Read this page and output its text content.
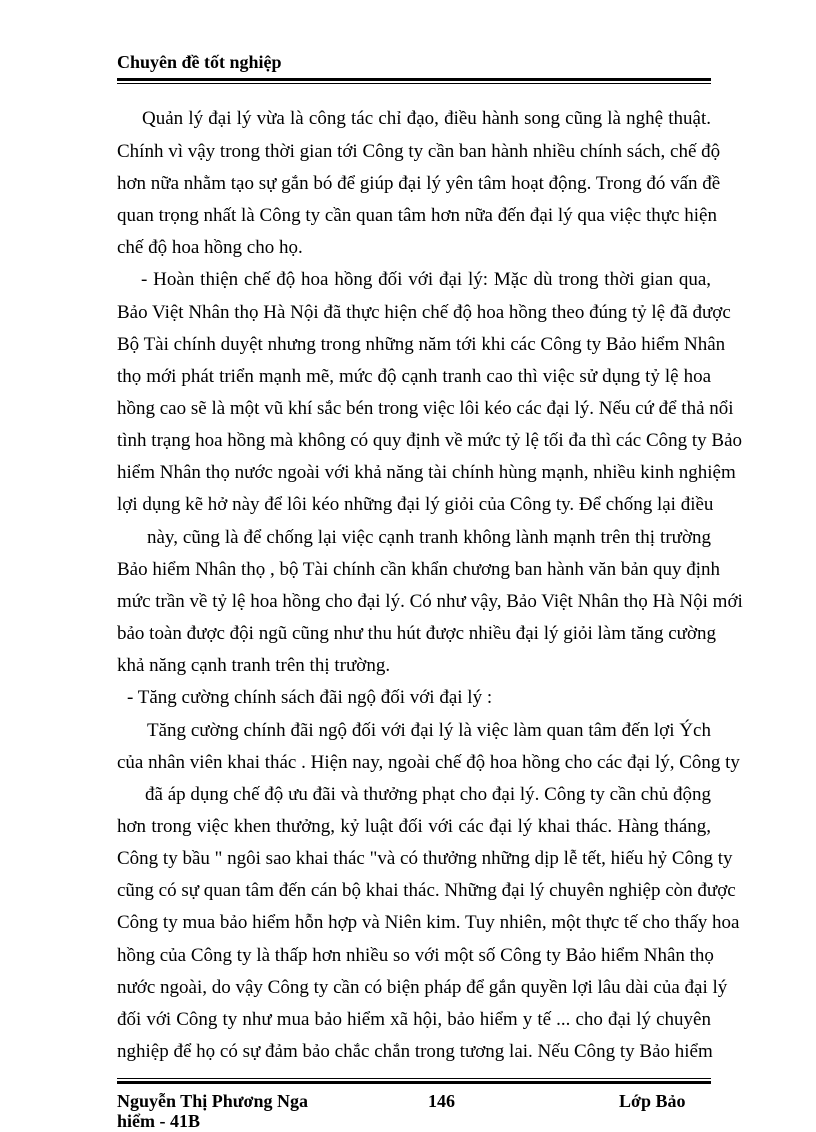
Chuyên đề tốt nghiệp
Quản lý đại lý vừa là công tác chỉ đạo, điều hành song cũng là nghệ thuật.
Chính vì vậy trong thời gian tới Công ty cần ban hành nhiều chính sách, chế độ
hơn nữa nhằm tạo sự gắn bó để giúp đại lý yên tâm hoạt động. Trong đó vấn đề
quan trọng nhất là Công ty cần quan tâm hơn nữa đến đại lý qua việc thực hiện
chế độ hoa hồng cho họ.
- Hoàn thiện chế độ hoa hồng đối với đại lý: Mặc dù trong thời gian qua,
Bảo Việt Nhân thọ Hà Nội đã thực hiện chế độ hoa hồng theo đúng tỷ lệ đã được
Bộ Tài chính duyệt nhưng trong những năm tới khi các Công ty Bảo hiểm Nhân
thọ mới phát triển mạnh mẽ, mức độ cạnh tranh cao thì việc sử dụng tỷ lệ hoa
hồng cao sẽ là một vũ khí sắc bén trong việc lôi kéo các đại lý. Nếu cứ để thả nổi
tình trạng hoa hồng mà không có quy định về mức tỷ lệ tối đa thì các Công ty Bảo
hiểm Nhân thọ nước ngoài với khả năng tài chính hùng mạnh, nhiều kinh nghiệm
lợi dụng kẽ hở này để lôi kéo những đại lý giỏi của Công ty. Để chống lại điều
này, cũng là để chống lại việc cạnh tranh không lành mạnh trên thị trường
Bảo hiểm Nhân thọ , bộ Tài chính cần khẩn chương ban hành văn bản quy định
mức trần về tỷ lệ hoa hồng cho đại lý. Có như vậy, Bảo Việt Nhân thọ Hà Nội mới
bảo toàn được đội ngũ cũng như thu hút được nhiều đại lý giỏi làm tăng cường
khả năng cạnh tranh trên thị trường.
- Tăng cường chính sách đãi ngộ đối với đại lý :
Tăng cường chính đãi ngộ đối với đại lý là việc làm quan tâm đến lợi Ých
của nhân viên khai thác . Hiện nay, ngoài chế độ hoa hồng cho các đại lý, Công ty
đã áp dụng chế độ ưu đãi và thưởng phạt cho đại lý. Công ty cần chủ động
hơn trong việc khen thưởng, kỷ luật đối với các đại lý khai thác. Hàng tháng,
Công ty bầu " ngôi sao khai thác "và có thưởng những dịp lễ tết, hiếu hỷ Công ty
cũng có sự quan tâm đến cán bộ khai thác. Những đại lý chuyên nghiệp còn được
Công ty mua bảo hiểm hỗn hợp và Niên kim. Tuy nhiên, một thực tế cho thấy hoa
hồng của Công ty là thấp hơn nhiều so với một số Công ty Bảo hiểm Nhân thọ
nước ngoài, do vậy Công ty cần có biện pháp để gắn quyền lợi lâu dài của đại lý
đối với Công ty như mua bảo hiểm xã hội, bảo hiểm y tế ... cho đại lý chuyên
nghiệp để họ có sự đảm bảo chắc chắn trong tương lai. Nếu Công ty Bảo hiểm
Nguyễn Thị Phương Nga	146	Lớp Bảo
hiểm - 41B
